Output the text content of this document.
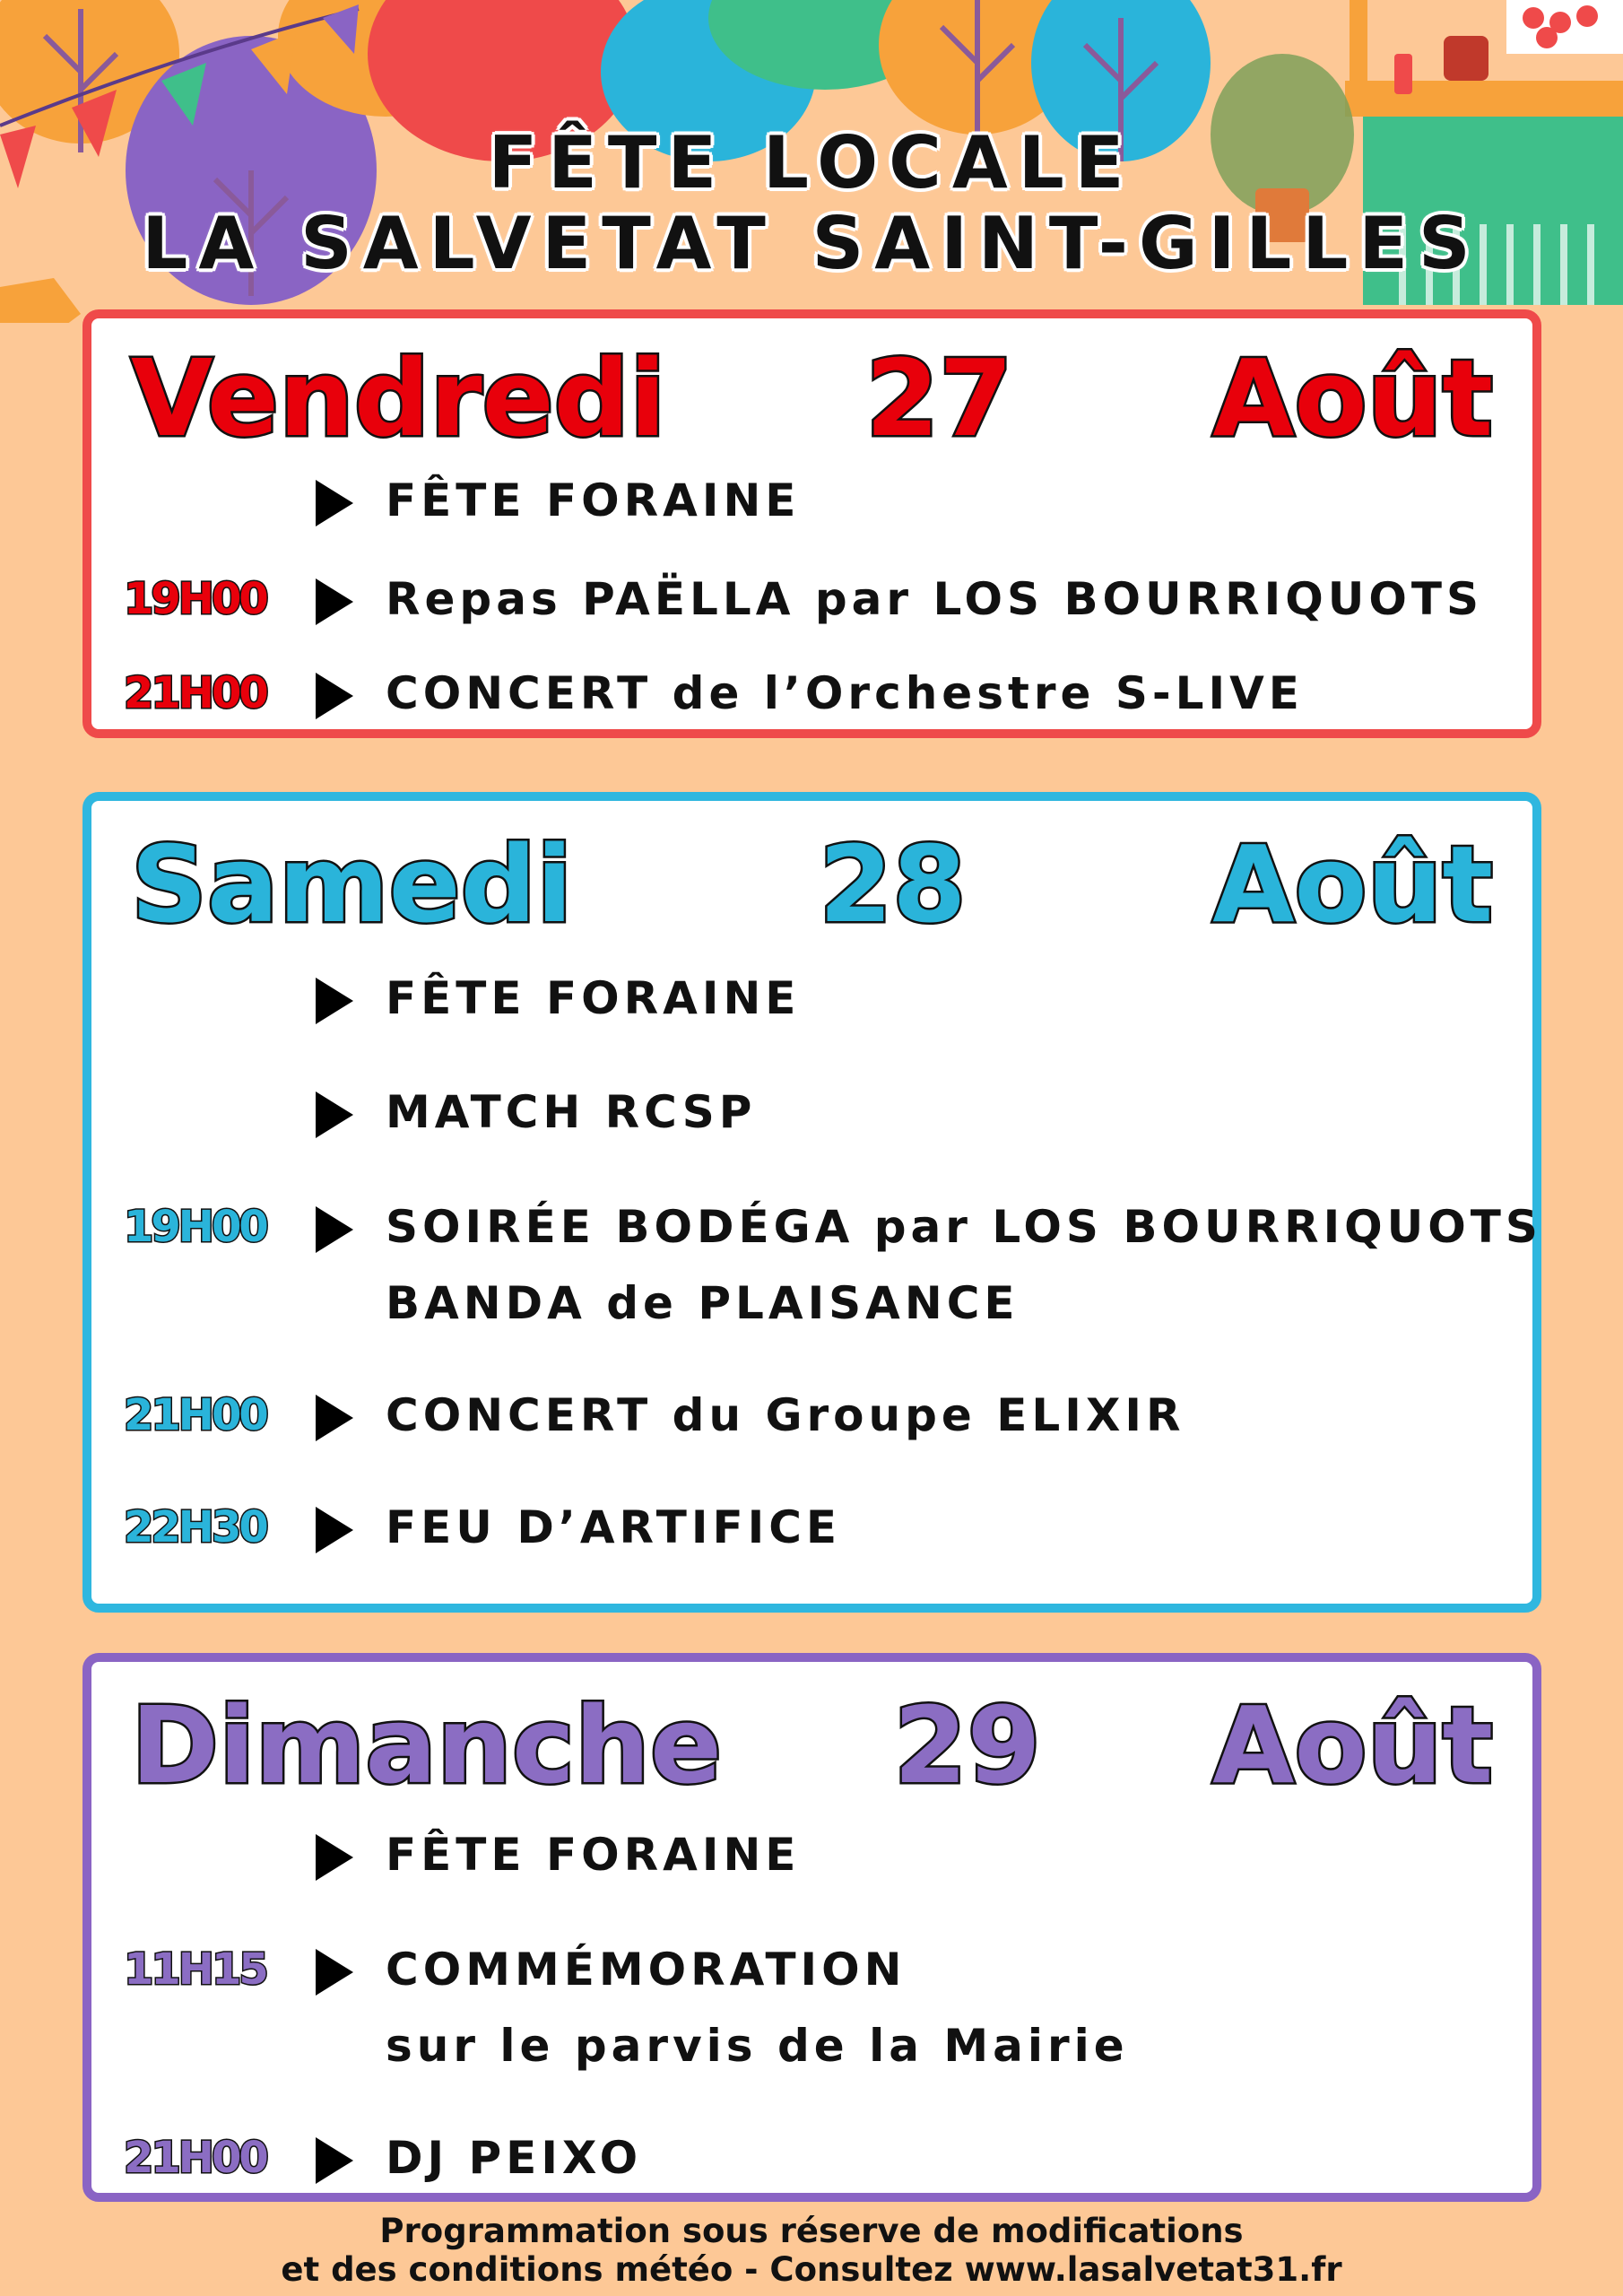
FÊTE LOCALE
LA SALVETAT SAINT-GILLES
Vendredi 27 Août
FÊTE FORAINE
19H00	Repas PAËLLA par LOS BOURRIQUOTS
21H00	CONCERT de l’Orchestre S-LIVE
Samedi 28 Août
FÊTE FORAINE
MATCH RCSP
19H00	SOIRÉE BODÉGA par LOS BOURRIQUOTS
BANDA de PLAISANCE
21H00	CONCERT du Groupe ELIXIR
22H30	FEU D’ARTIFICE
Dimanche 29 Août
FÊTE FORAINE
11H15	COMMÉMORATION
sur le parvis de la Mairie
21H00	DJ PEIXO
Programmation sous réserve de modifications
et des conditions météo - Consultez www.lasalvetat31.fr
